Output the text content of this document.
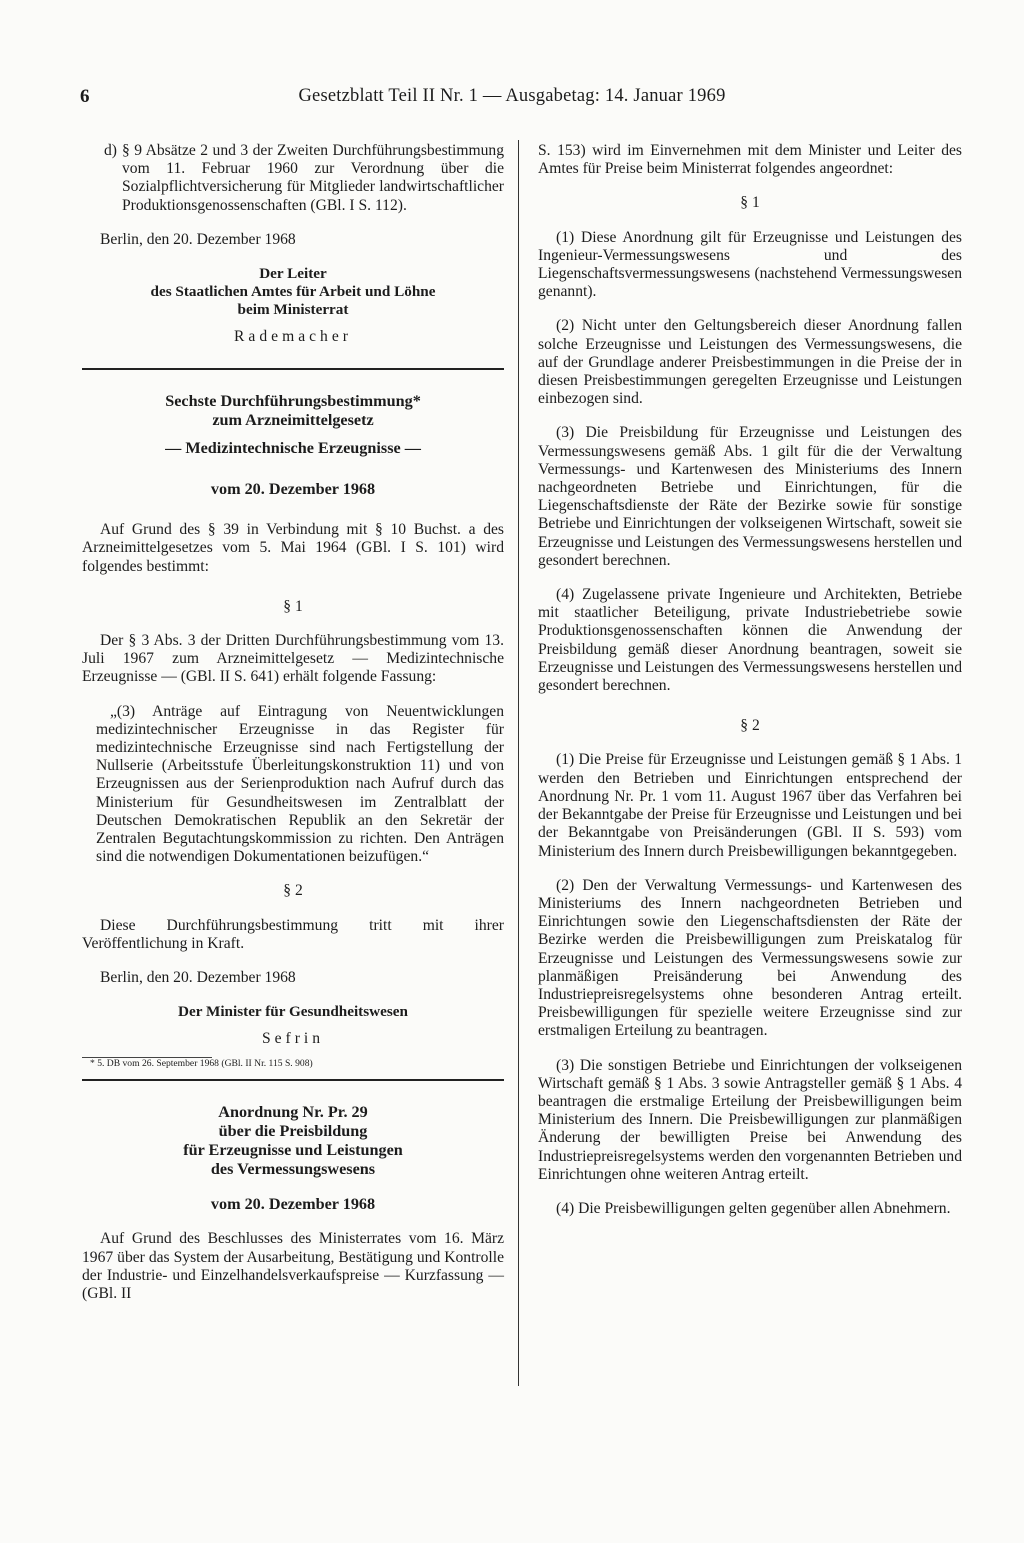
6	Gesetzblatt Teil II Nr. 1 — Ausgabetag: 14. Januar 1969

d) § 9 Absätze 2 und 3 der Zweiten Durchführungsbestimmung vom 11. Februar 1960 zur Verordnung über die Sozialpflichtversicherung für Mitglieder landwirtschaftlicher Produktionsgenossenschaften (GBl. I S. 112).

Berlin, den 20. Dezember 1968

Der Leiter

des Staatlichen Amtes für Arbeit und Löhne

beim Ministerrat

Rademacher

Sechste Durchführungsbestimmung*

zum Arzneimittelgesetz

— Medizintechnische Erzeugnisse —

vom 20. Dezember 1968

Auf Grund des § 39 in Verbindung mit § 10 Buchst. a des Arzneimittelgesetzes vom 5. Mai 1964 (GBl. I S. 101) wird folgendes bestimmt:

§ 1

Der § 3 Abs. 3 der Dritten Durchführungsbestimmung vom 13. Juli 1967 zum Arzneimittelgesetz — Medizintechnische Erzeugnisse — (GBl. II S. 641) erhält folgende Fassung:

„(3) Anträge auf Eintragung von Neuentwicklungen medizintechnischer Erzeugnisse in das Register für medizintechnische Erzeugnisse sind nach Fertigstellung der Nullserie (Arbeitsstufe Überleitungskonstruktion 11) und von Erzeugnissen aus der Serienproduktion nach Aufruf durch das Ministerium für Gesundheitswesen im Zentralblatt der Deutschen Demokratischen Republik an den Sekretär der Zentralen Begutachtungskommission zu richten. Den Anträgen sind die notwendigen Dokumentationen beizufügen.“

§ 2

Diese Durchführungsbestimmung tritt mit ihrer Veröffentlichung in Kraft.

Berlin, den 20. Dezember 1968

Der Minister für Gesundheitswesen

Sefrin

* 5. DB vom 26. September 1968 (GBl. II Nr. 115 S. 908)

Anordnung Nr. Pr. 29

über die Preisbildung

für Erzeugnisse und Leistungen

des Vermessungswesens

vom 20. Dezember 1968

Auf Grund des Beschlusses des Ministerrates vom 16. März 1967 über das System der Ausarbeitung, Bestätigung und Kontrolle der Industrie- und Einzelhandelsverkaufspreise — Kurzfassung — (GBl. II

S. 153) wird im Einvernehmen mit dem Minister und Leiter des Amtes für Preise beim Ministerrat folgendes angeordnet:

§ 1

(1) Diese Anordnung gilt für Erzeugnisse und Leistungen des Ingenieur-Vermessungswesens und des Liegenschaftsvermessungswesens (nachstehend Vermessungswesen genannt).

(2) Nicht unter den Geltungsbereich dieser Anordnung fallen solche Erzeugnisse und Leistungen des Vermessungswesens, die auf der Grundlage anderer Preisbestimmungen in die Preise der in diesen Preisbestimmungen geregelten Erzeugnisse und Leistungen einbezogen sind.

(3) Die Preisbildung für Erzeugnisse und Leistungen des Vermessungswesens gemäß Abs. 1 gilt für die der Verwaltung Vermessungs- und Kartenwesen des Ministeriums des Innern nachgeordneten Betriebe und Einrichtungen, für die Liegenschaftsdienste der Räte der Bezirke sowie für sonstige Betriebe und Einrichtungen der volkseigenen Wirtschaft, soweit sie Erzeugnisse und Leistungen des Vermessungswesens herstellen und gesondert berechnen.

(4) Zugelassene private Ingenieure und Architekten, Betriebe mit staatlicher Beteiligung, private Industriebetriebe sowie Produktionsgenossenschaften können die Anwendung der Preisbildung gemäß dieser Anordnung beantragen, soweit sie Erzeugnisse und Leistungen des Vermessungswesens herstellen und gesondert berechnen.

§ 2

(1) Die Preise für Erzeugnisse und Leistungen gemäß § 1 Abs. 1 werden den Betrieben und Einrichtungen entsprechend der Anordnung Nr. Pr. 1 vom 11. August 1967 über das Verfahren bei der Bekanntgabe der Preise für Erzeugnisse und Leistungen und bei der Bekanntgabe von Preisänderungen (GBl. II S. 593) vom Ministerium des Innern durch Preisbewilligungen bekanntgegeben.

(2) Den der Verwaltung Vermessungs- und Kartenwesen des Ministeriums des Innern nachgeordneten Betrieben und Einrichtungen sowie den Liegenschaftsdiensten der Räte der Bezirke werden die Preisbewilligungen zum Preiskatalog für Erzeugnisse und Leistungen des Vermessungswesens sowie zur planmäßigen Preisänderung bei Anwendung des Industriepreisregelsystems ohne besonderen Antrag erteilt. Preisbewilligungen für spezielle weitere Erzeugnisse sind zur erstmaligen Erteilung zu beantragen.

(3) Die sonstigen Betriebe und Einrichtungen der volkseigenen Wirtschaft gemäß § 1 Abs. 3 sowie Antragsteller gemäß § 1 Abs. 4 beantragen die erstmalige Erteilung der Preisbewilligungen beim Ministerium des Innern. Die Preisbewilligungen zur planmäßigen Änderung der bewilligten Preise bei Anwendung des Industriepreisregelsystems werden den vorgenannten Betrieben und Einrichtungen ohne weiteren Antrag erteilt.

(4) Die Preisbewilligungen gelten gegenüber allen Abnehmern.
